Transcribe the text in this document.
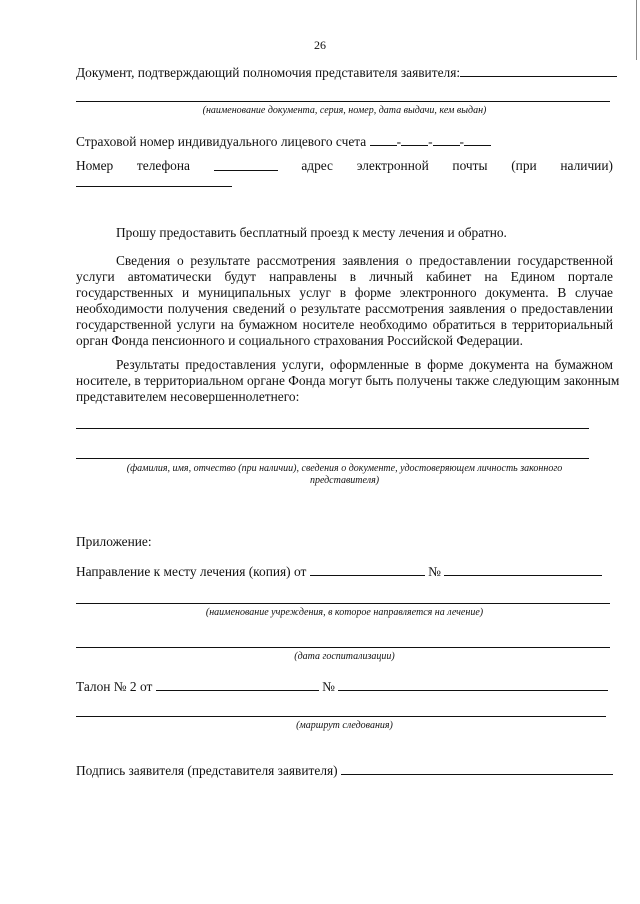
26
Документ, подтверждающий полномочия представителя заявителя:
(наименование документа, серия, номер, дата выдачи, кем выдан)
Страховой номер индивидуального лицевого счета - - -
Номер телефона	адрес электронной почты (при наличии)
Прошу предоставить бесплатный проезд к месту лечения и обратно.
Сведения о результате рассмотрения заявления о предоставлении государственной
услуги автоматически будут направлены в личный кабинет на Едином портале
государственных и муниципальных услуг в форме электронного документа. В случае
необходимости получения сведений о результате рассмотрения заявления о предоставлении
государственной услуги на бумажном носителе необходимо обратиться в территориальный
орган Фонда пенсионного и социального страхования Российской Федерации.
Результаты предоставления услуги, оформленные в форме документа на бумажном
носителе, в территориальном органе Фонда могут быть получены также следующим законным
представителем несовершеннолетнего:
(фамилия, имя, отчество (при наличии), сведения о документе, удостоверяющем личность законного
представителя)
Приложение:
Направление к месту лечения (копия) от	№
(наименование учреждения, в которое направляется на лечение)
(дата госпитализации)
Талон № 2 от	№
(маршрут следования)
Подпись заявителя (представителя заявителя)
